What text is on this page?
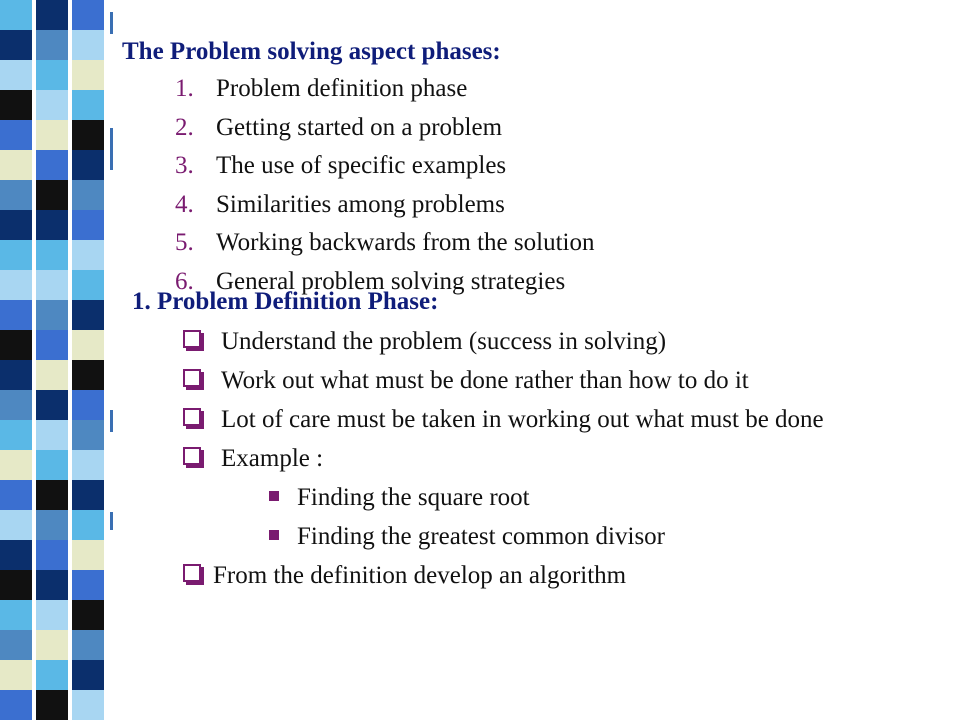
The Problem solving aspect phases:
1. Problem definition phase
2. Getting started on a problem
3. The use of specific examples
4. Similarities among problems
5. Working backwards from the solution
6. General problem solving strategies
1. Problem Definition Phase:
Understand the problem (success in solving)
Work out what must be done rather than how to do it
Lot of care must be taken in working out what must be done
Example :
Finding the square root
Finding the greatest common divisor
From the definition develop an algorithm
